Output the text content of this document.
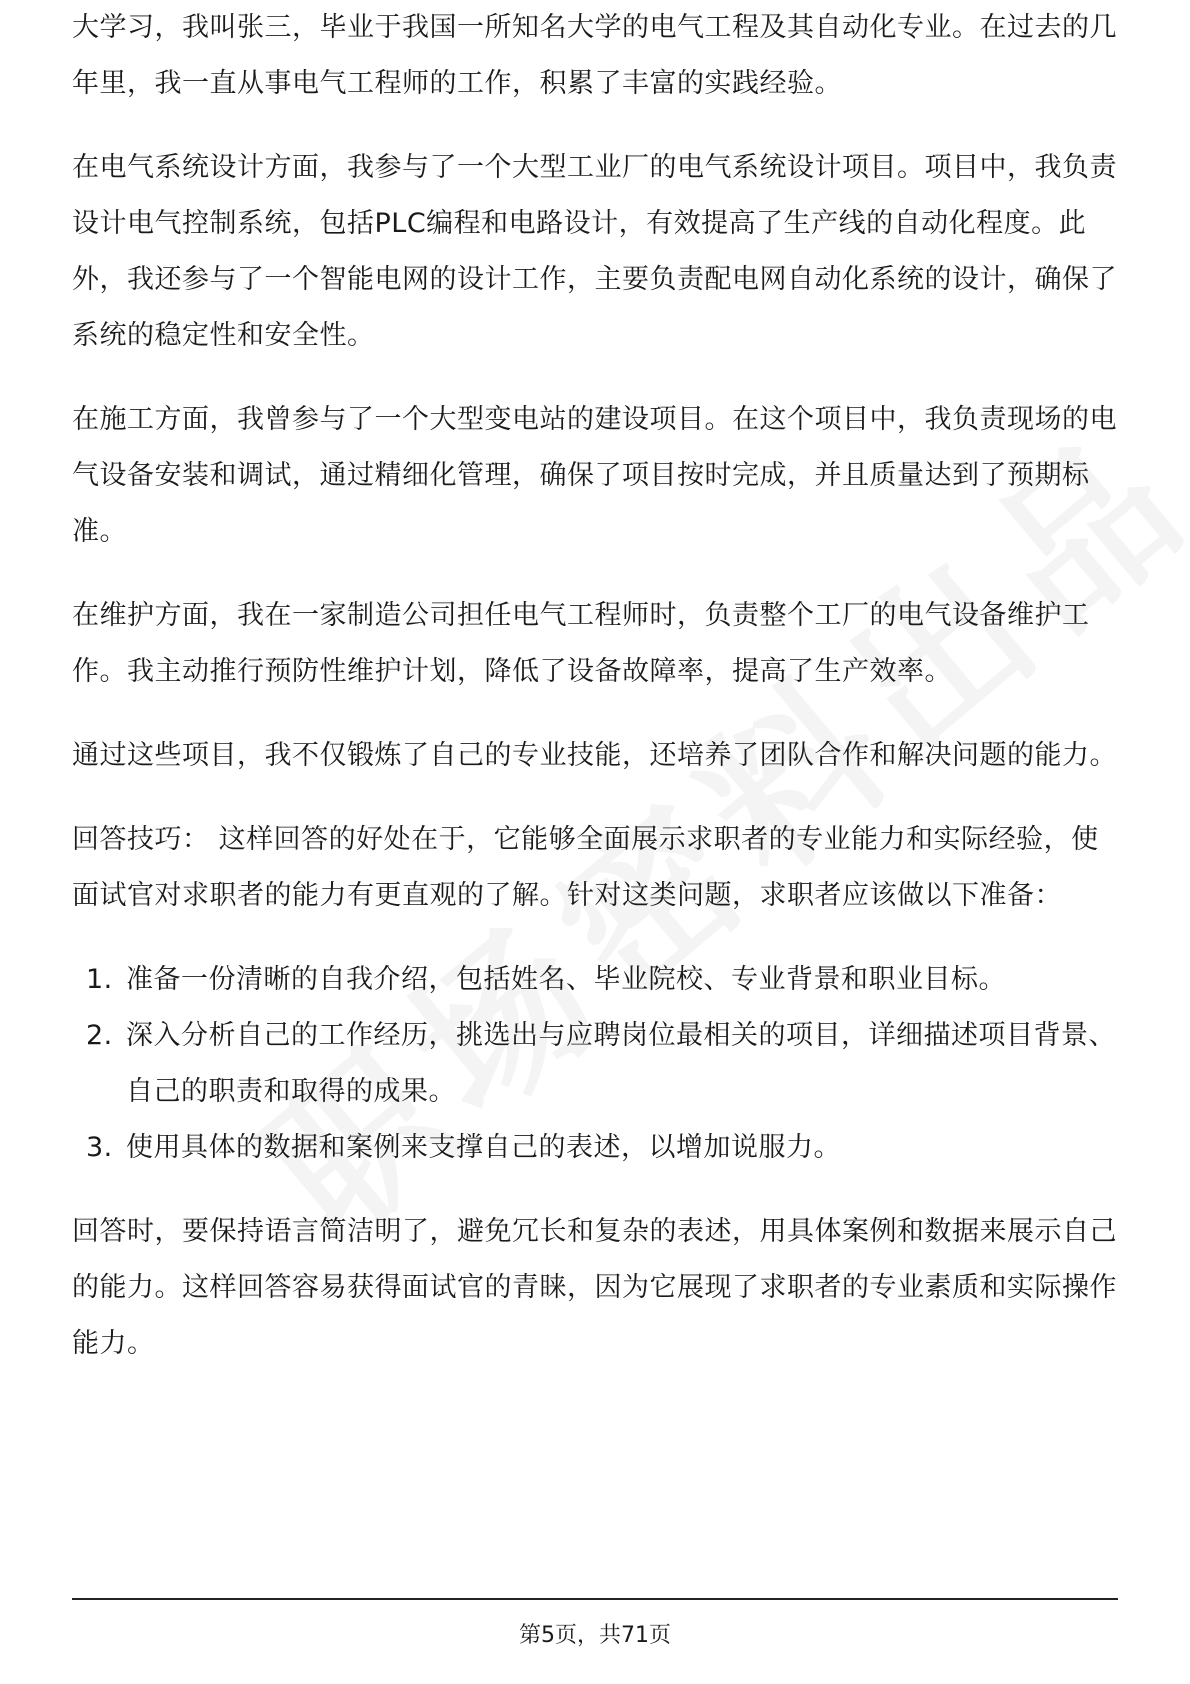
大学习，我叫张三，毕业于我国一所知名大学的电气工程及其自动化专业。在过去的几年里，我一直从事电气工程师的工作，积累了丰富的实践经验。

在电气系统设计方面，我参与了一个大型工业厂的电气系统设计项目。项目中，我负责设计电气控制系统，包括PLC编程和电路设计，有效提高了生产线的自动化程度。此外，我还参与了一个智能电网的设计工作，主要负责配电网自动化系统的设计，确保了系统的稳定性和安全性。

在施工方面，我曾参与了一个大型变电站的建设项目。在这个项目中，我负责现场的电气设备安装和调试，通过精细化管理，确保了项目按时完成，并且质量达到了预期标准。

在维护方面，我在一家制造公司担任电气工程师时，负责整个工厂的电气设备维护工作。我主动推行预防性维护计划，降低了设备故障率，提高了生产效率。

通过这些项目，我不仅锻炼了自己的专业技能，还培养了团队合作和解决问题的能力。

回答技巧： 这样回答的好处在于，它能够全面展示求职者的专业能力和实际经验，使面试官对求职者的能力有更直观的了解。针对这类问题，求职者应该做以下准备：

1. 准备一份清晰的自我介绍，包括姓名、毕业院校、专业背景和职业目标。
2. 深入分析自己的工作经历，挑选出与应聘岗位最相关的项目，详细描述项目背景、自己的职责和取得的成果。
3. 使用具体的数据和案例来支撑自己的表述，以增加说服力。

回答时，要保持语言简洁明了，避免冗长和复杂的表述，用具体案例和数据来展示自己的能力。这样回答容易获得面试官的青睐，因为它展现了求职者的专业素质和实际操作能力。

第5页，共71页
